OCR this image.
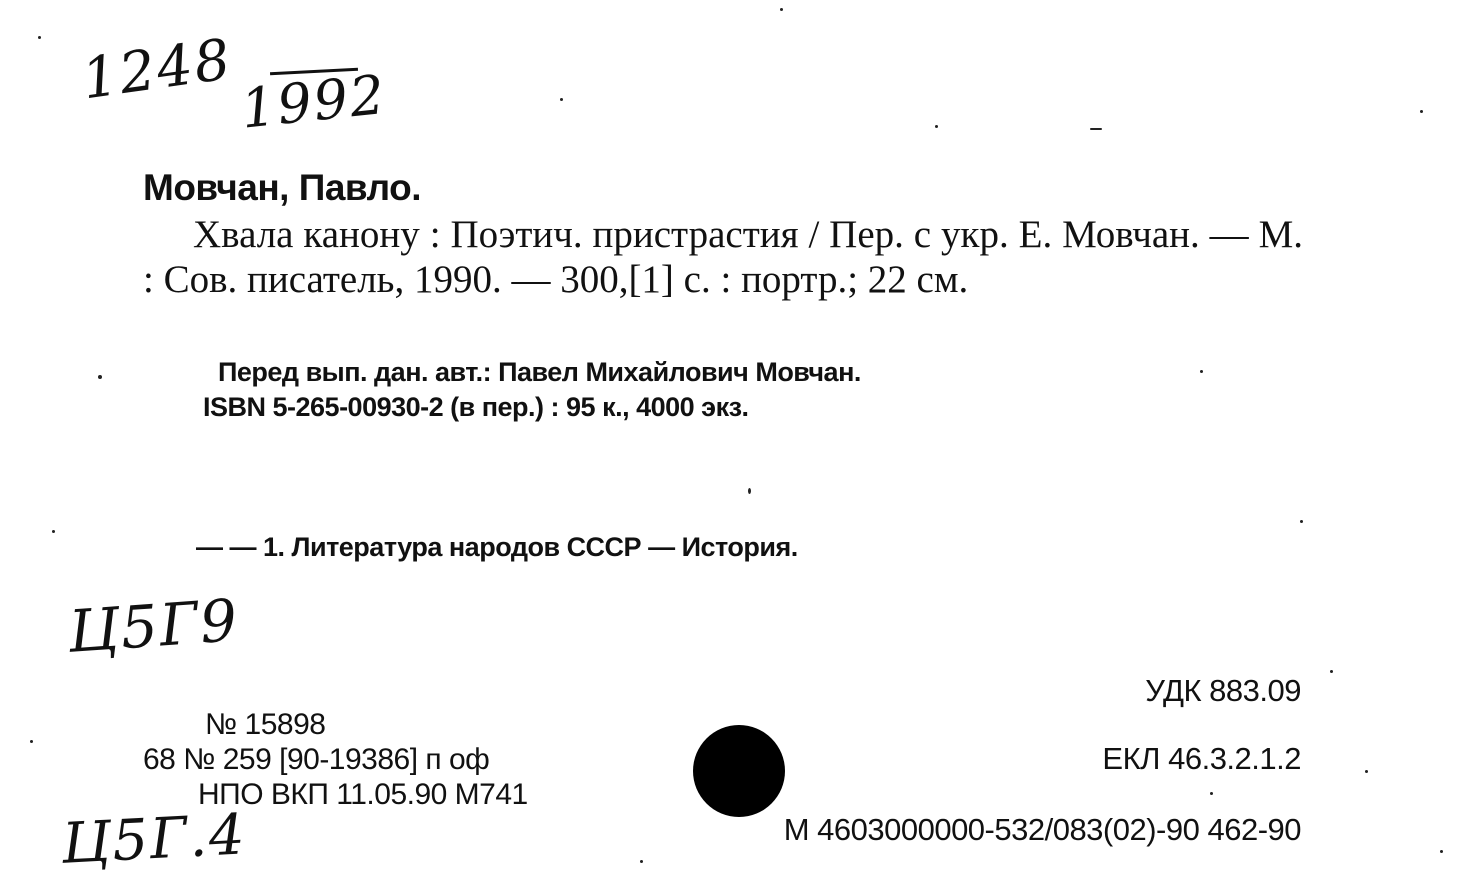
1248 1992
Мовчан, Павло.
Хвала канону : Поэтич. пристрастия / Пер. с укр. Е. Мовчан. — М. : Сов. писатель, 1990. — 300,[1] с. : портр.; 22 см.
Перед вып. дан. авт.: Павел Михайлович Мовчан.
ISBN 5-265-00930-2 (в пер.) : 95 к., 4000 экз.
— — 1. Литература народов СССР — История.
Ц5Г9
Ц5Г.4
№ 15898
68 № 259 [90-19386] п оф
НПО ВКП 11.05.90 М741
УДК 883.09
ЕКЛ 46.3.2.1.2
М 4603000000-532/083(02)-90 462-90
